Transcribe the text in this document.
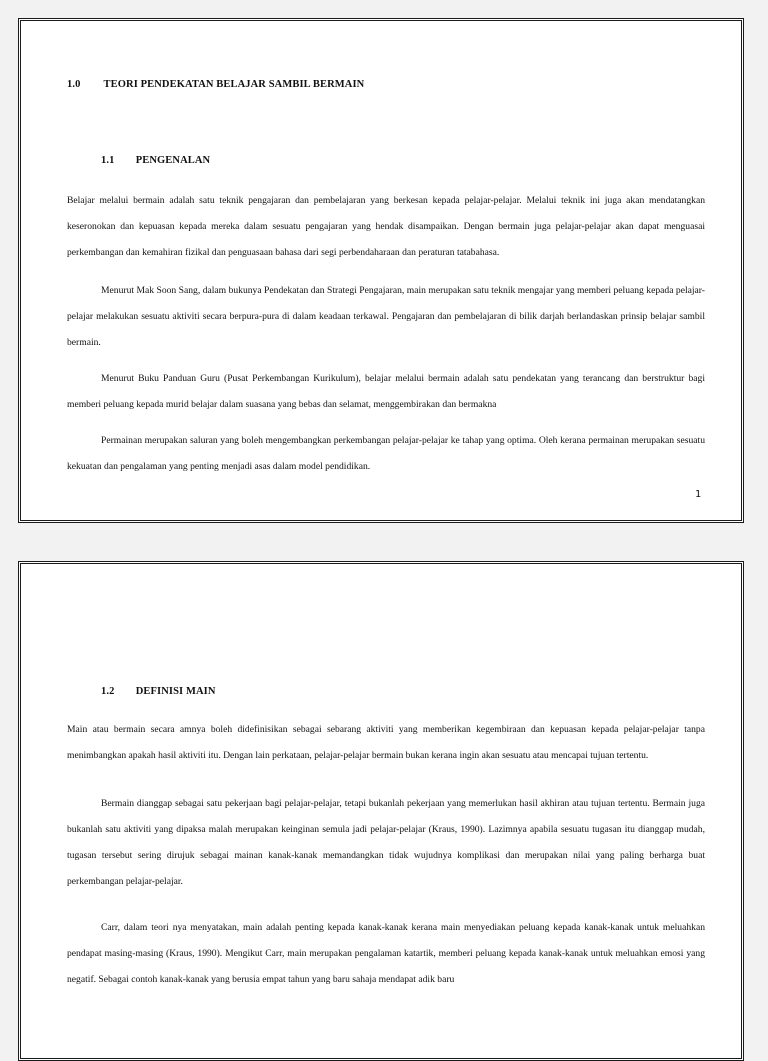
1.0 TEORI PENDEKATAN BELAJAR SAMBIL BERMAIN
1.1 PENGENALAN

Belajar melalui bermain adalah satu teknik pengajaran dan pembelajaran yang berkesan kepada pelajar-pelajar. Melalui teknik ini juga akan mendatangkan keseronokan dan kepuasan kepada mereka dalam sesuatu pengajaran yang hendak disampaikan. Dengan bermain juga pelajar-pelajar akan dapat menguasai perkembangan dan kemahiran fizikal dan penguasaan bahasa dari segi perbendaharaan dan peraturan tatabahasa.

Menurut Mak Soon Sang, dalam bukunya Pendekatan dan Strategi Pengajaran, main merupakan satu teknik mengajar yang memberi peluang kepada pelajar-pelajar melakukan sesuatu aktiviti secara berpura-pura di dalam keadaan terkawal. Pengajaran dan pembelajaran di bilik darjah berlandaskan prinsip belajar sambil bermain.

Menurut Buku Panduan Guru (Pusat Perkembangan Kurikulum), belajar melalui bermain adalah satu pendekatan yang terancang dan berstruktur bagi memberi peluang kepada murid belajar dalam suasana yang bebas dan selamat, menggembirakan dan bermakna

Permainan merupakan saluran yang boleh mengembangkan perkembangan pelajar-pelajar ke tahap yang optima. Oleh kerana permainan merupakan sesuatu kekuatan dan pengalaman yang penting menjadi asas dalam model pendidikan.

1
1.2 DEFINISI MAIN

Main atau bermain secara amnya boleh didefinisikan sebagai sebarang aktiviti yang memberikan kegembiraan dan kepuasan kepada pelajar-pelajar tanpa menimbangkan apakah hasil aktiviti itu. Dengan lain perkataan, pelajar-pelajar bermain bukan kerana ingin akan sesuatu atau mencapai tujuan tertentu.

Bermain dianggap sebagai satu pekerjaan bagi pelajar-pelajar, tetapi bukanlah pekerjaan yang memerlukan hasil akhiran atau tujuan tertentu. Bermain juga bukanlah satu aktiviti yang dipaksa malah merupakan keinginan semula jadi pelajar-pelajar (Kraus, 1990). Lazimnya apabila sesuatu tugasan itu dianggap mudah, tugasan tersebut sering dirujuk sebagai mainan kanak-kanak memandangkan tidak wujudnya komplikasi dan merupakan nilai yang paling berharga buat perkembangan pelajar-pelajar.

Carr, dalam teori nya menyatakan, main adalah penting kepada kanak-kanak kerana main menyediakan peluang kepada kanak-kanak untuk meluahkan pendapat masing-masing (Kraus, 1990). Mengikut Carr, main merupakan pengalaman katartik, memberi peluang kepada kanak-kanak untuk meluahkan emosi yang negatif. Sebagai contoh kanak-kanak yang berusia empat tahun yang baru sahaja mendapat adik baru
